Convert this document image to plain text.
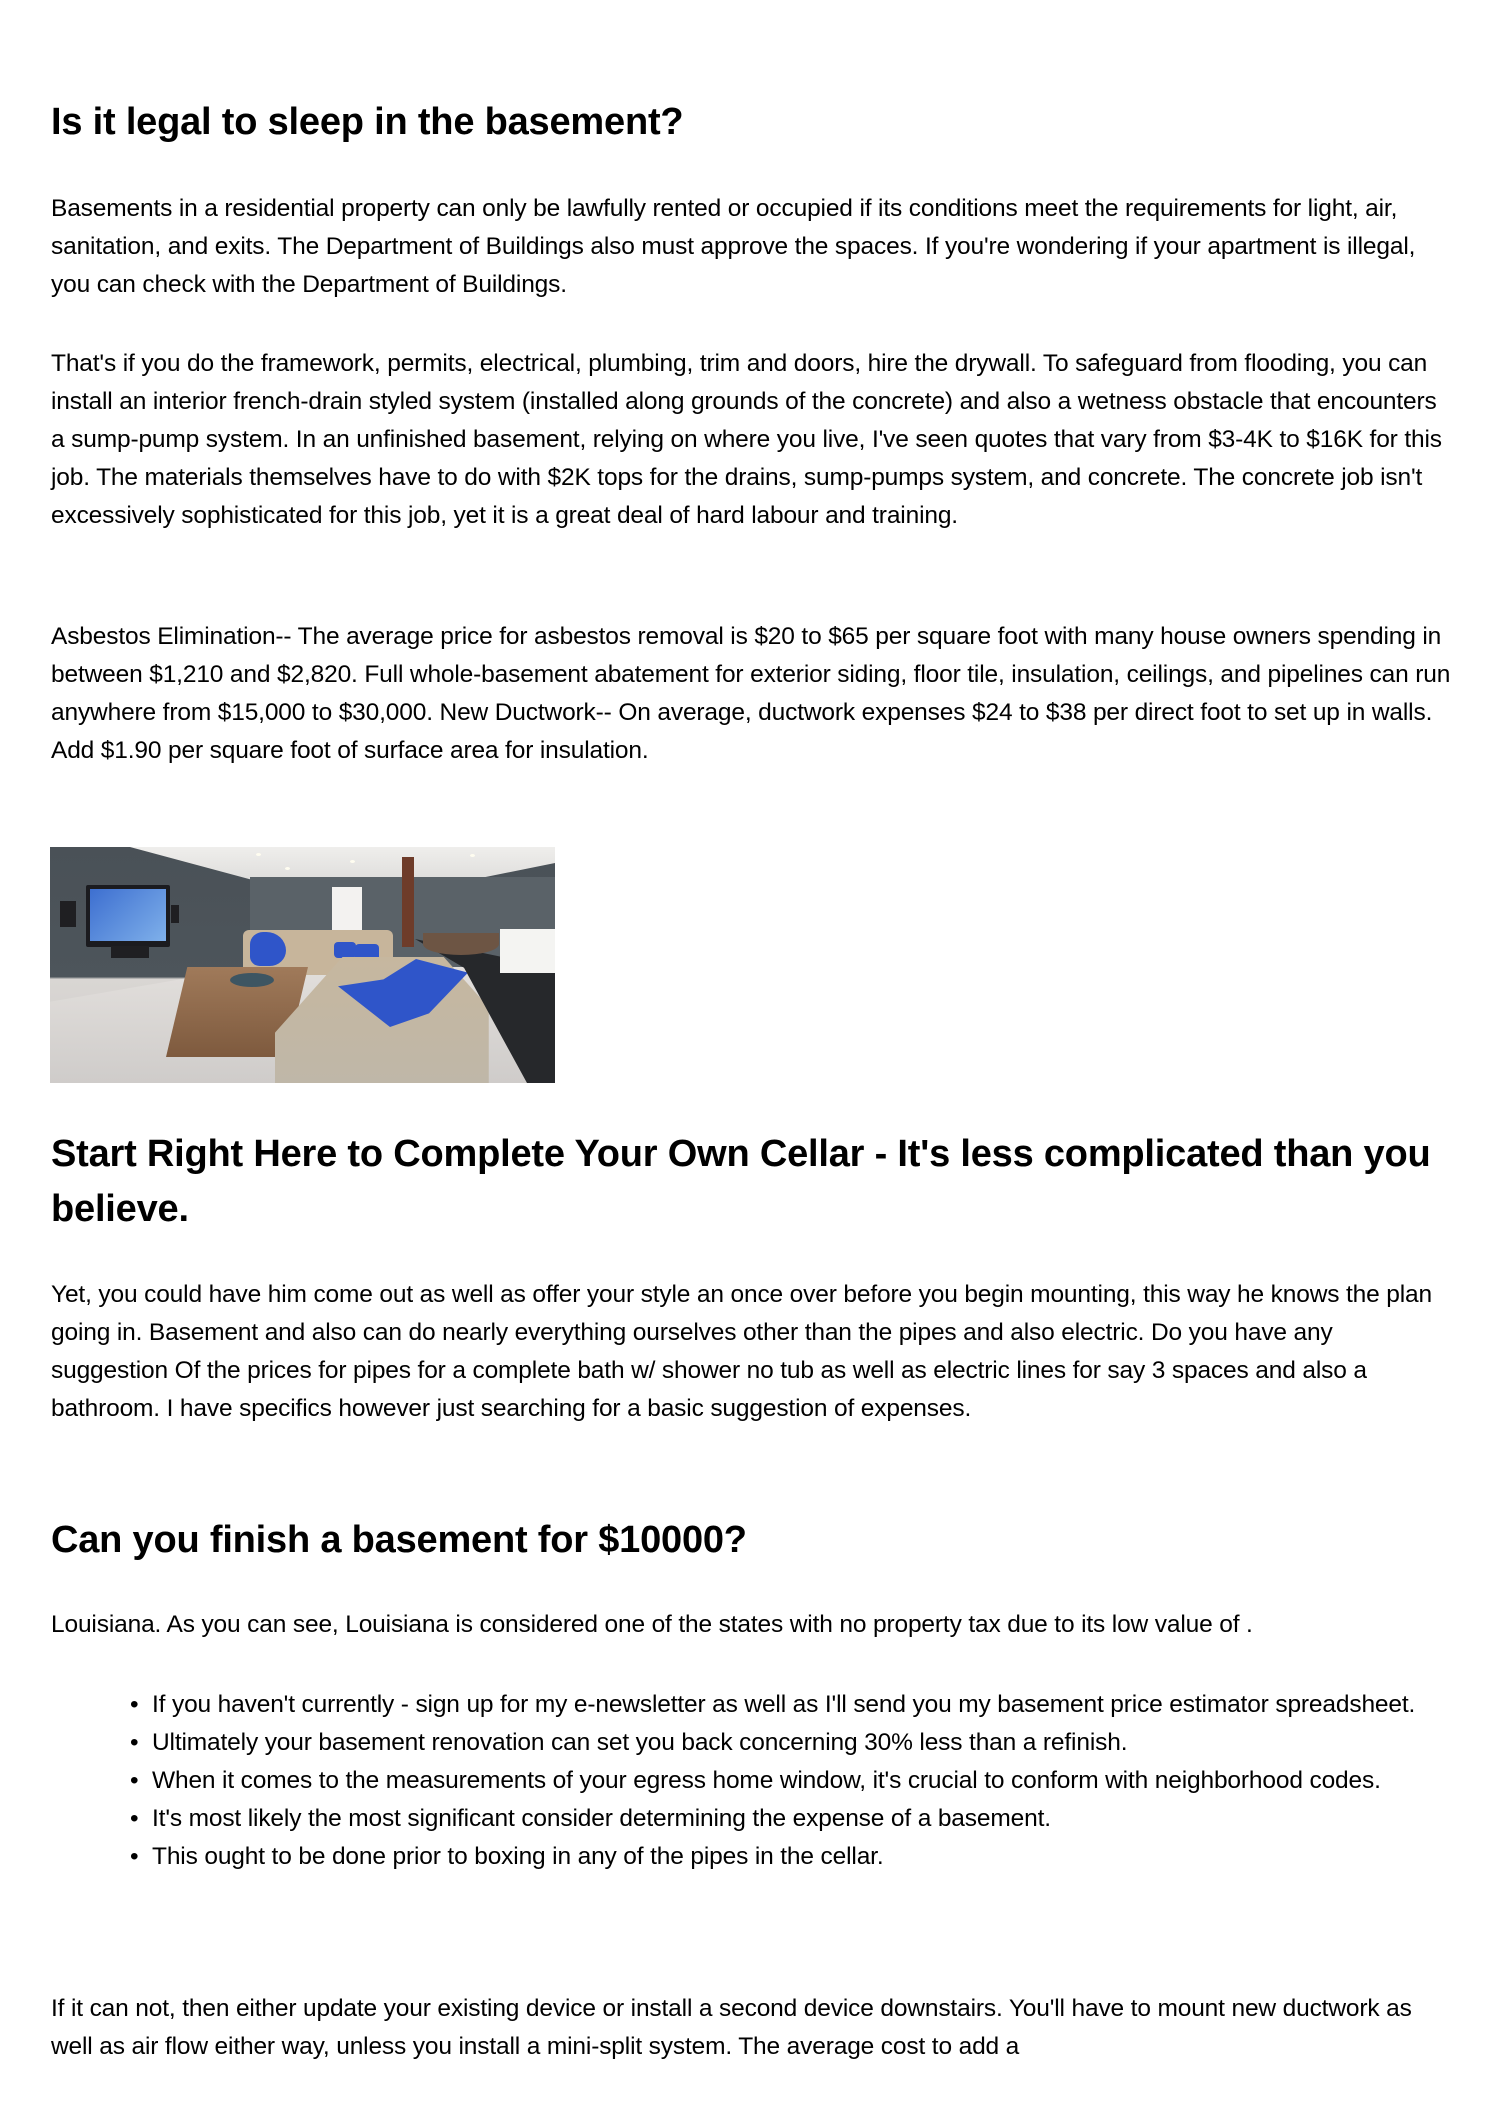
Is it legal to sleep in the basement?

Basements in a residential property can only be lawfully rented or occupied if its conditions meet the requirements for light, air, sanitation, and exits. The Department of Buildings also must approve the spaces. If you're wondering if your apartment is illegal, you can check with the Department of Buildings.

That's if you do the framework, permits, electrical, plumbing, trim and doors, hire the drywall. To safeguard from flooding, you can install an interior french-drain styled system (installed along grounds of the concrete) and also a wetness obstacle that encounters a sump-pump system. In an unfinished basement, relying on where you live, I've seen quotes that vary from $3-4K to $16K for this job. The materials themselves have to do with $2K tops for the drains, sump-pumps system, and concrete. The concrete job isn't excessively sophisticated for this job, yet it is a great deal of hard labour and training.

Asbestos Elimination-- The average price for asbestos removal is $20 to $65 per square foot with many house owners spending in between $1,210 and $2,820. Full whole-basement abatement for exterior siding, floor tile, insulation, ceilings, and pipelines can run anywhere from $15,000 to $30,000. New Ductwork-- On average, ductwork expenses $24 to $38 per direct foot to set up in walls. Add $1.90 per square foot of surface area for insulation.

Start Right Here to Complete Your Own Cellar - It's less complicated than you believe.

Yet, you could have him come out as well as offer your style an once over before you begin mounting, this way he knows the plan going in. Basement and also can do nearly everything ourselves other than the pipes and also electric. Do you have any suggestion Of the prices for pipes for a complete bath w/ shower no tub as well as electric lines for say 3 spaces and also a bathroom. I have specifics however just searching for a basic suggestion of expenses.

Can you finish a basement for $10000?

Louisiana. As you can see, Louisiana is considered one of the states with no property tax due to its low value of .

• If you haven't currently - sign up for my e-newsletter as well as I'll send you my basement price estimator spreadsheet.
• Ultimately your basement renovation can set you back concerning 30% less than a refinish.
• When it comes to the measurements of your egress home window, it's crucial to conform with neighborhood codes.
• It's most likely the most significant consider determining the expense of a basement.
• This ought to be done prior to boxing in any of the pipes in the cellar.

If it can not, then either update your existing device or install a second device downstairs. You'll have to mount new ductwork as well as air flow either way, unless you install a mini-split system. The average cost to add a
